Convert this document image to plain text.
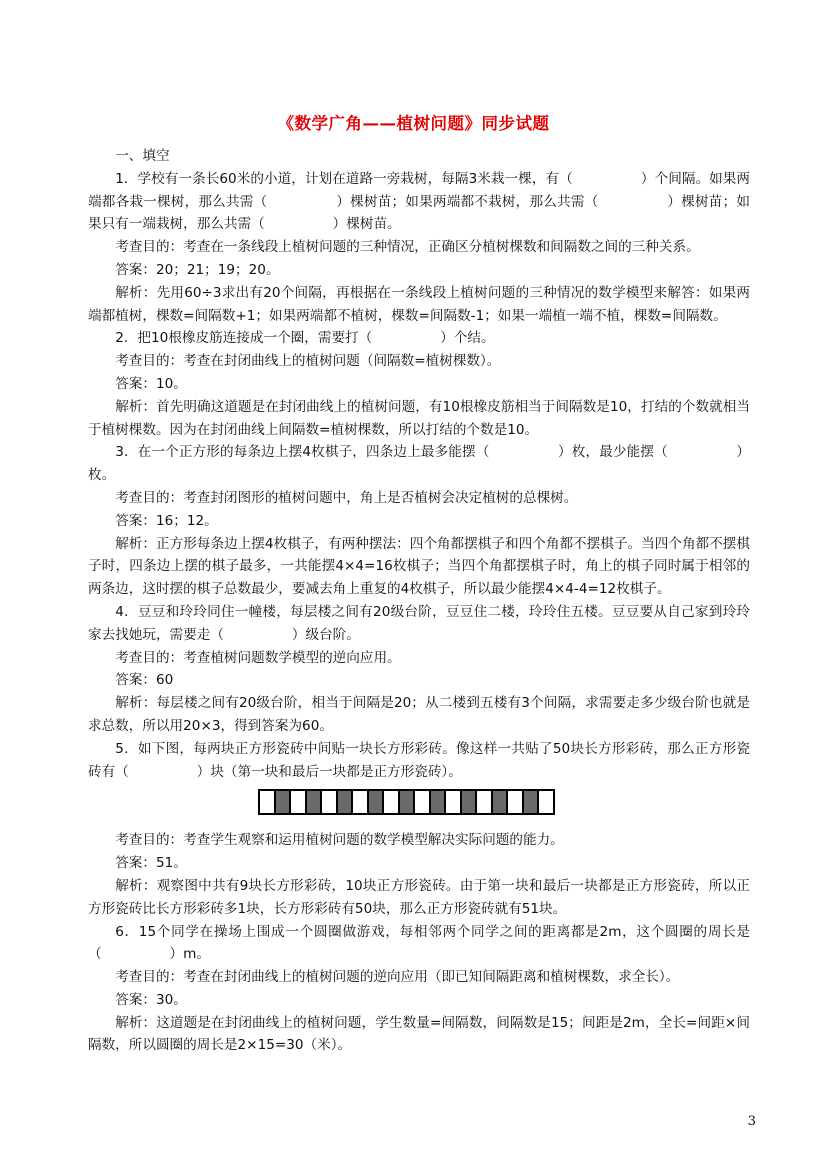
《数学广角——植树问题》同步试题

一、填空

1．学校有一条长60米的小道，计划在道路一旁栽树，每隔3米栽一棵，有（　　　　　）个间隔。如果两端都各栽一棵树，那么共需（　　　　　）棵树苗；如果两端都不栽树，那么共需（　　　　　）棵树苗；如果只有一端栽树，那么共需（　　　　　）棵树苗。

考查目的：考查在一条线段上植树问题的三种情况，正确区分植树棵数和间隔数之间的三种关系。

答案：20；21；19；20。

解析：先用60÷3求出有20个间隔，再根据在一条线段上植树问题的三种情况的数学模型来解答：如果两端都植树，棵数=间隔数+1；如果两端都不植树，棵数=间隔数-1；如果一端植一端不植，棵数=间隔数。

2．把10根橡皮筋连接成一个圈，需要打（　　　　　）个结。

考查目的：考查在封闭曲线上的植树问题（间隔数=植树棵数）。

答案：10。

解析：首先明确这道题是在封闭曲线上的植树问题，有10根橡皮筋相当于间隔数是10，打结的个数就相当于植树棵数。因为在封闭曲线上间隔数=植树棵数，所以打结的个数是10。

3．在一个正方形的每条边上摆4枚棋子，四条边上最多能摆（　　　　　）枚，最少能摆（　　　　　）枚。

考查目的：考查封闭图形的植树问题中，角上是否植树会决定植树的总棵树。

答案：16；12。

解析：正方形每条边上摆4枚棋子，有两种摆法：四个角都摆棋子和四个角都不摆棋子。当四个角都不摆棋子时，四条边上摆的棋子最多，一共能摆4×4=16枚棋子；当四个角都摆棋子时，角上的棋子同时属于相邻的两条边，这时摆的棋子总数最少，要减去角上重复的4枚棋子，所以最少能摆4×4-4=12枚棋子。

4．豆豆和玲玲同住一幢楼，每层楼之间有20级台阶，豆豆住二楼，玲玲住五楼。豆豆要从自己家到玲玲家去找她玩，需要走（　　　　　）级台阶。

考查目的：考查植树问题数学模型的逆向应用。

答案：60

解析：每层楼之间有20级台阶，相当于间隔是20；从二楼到五楼有3个间隔，求需要走多少级台阶也就是求总数，所以用20×3，得到答案为60。

5．如下图，每两块正方形瓷砖中间贴一块长方形彩砖。像这样一共贴了50块长方形彩砖，那么正方形瓷砖有（　　　　　）块（第一块和最后一块都是正方形瓷砖）。

考查目的：考查学生观察和运用植树问题的数学模型解决实际问题的能力。

答案：51。

解析：观察图中共有9块长方形彩砖，10块正方形瓷砖。由于第一块和最后一块都是正方形瓷砖，所以正方形瓷砖比长方形彩砖多1块，长方形彩砖有50块，那么正方形瓷砖就有51块。

6．15个同学在操场上围成一个圆圈做游戏，每相邻两个同学之间的距离都是2m，这个圆圈的周长是（　　　　　）m。

考查目的：考查在封闭曲线上的植树问题的逆向应用（即已知间隔距离和植树棵数，求全长）。

答案：30。

解析：这道题是在封闭曲线上的植树问题，学生数量=间隔数，间隔数是15；间距是2m，全长=间距×间隔数，所以圆圈的周长是2×15=30（米）。

3
